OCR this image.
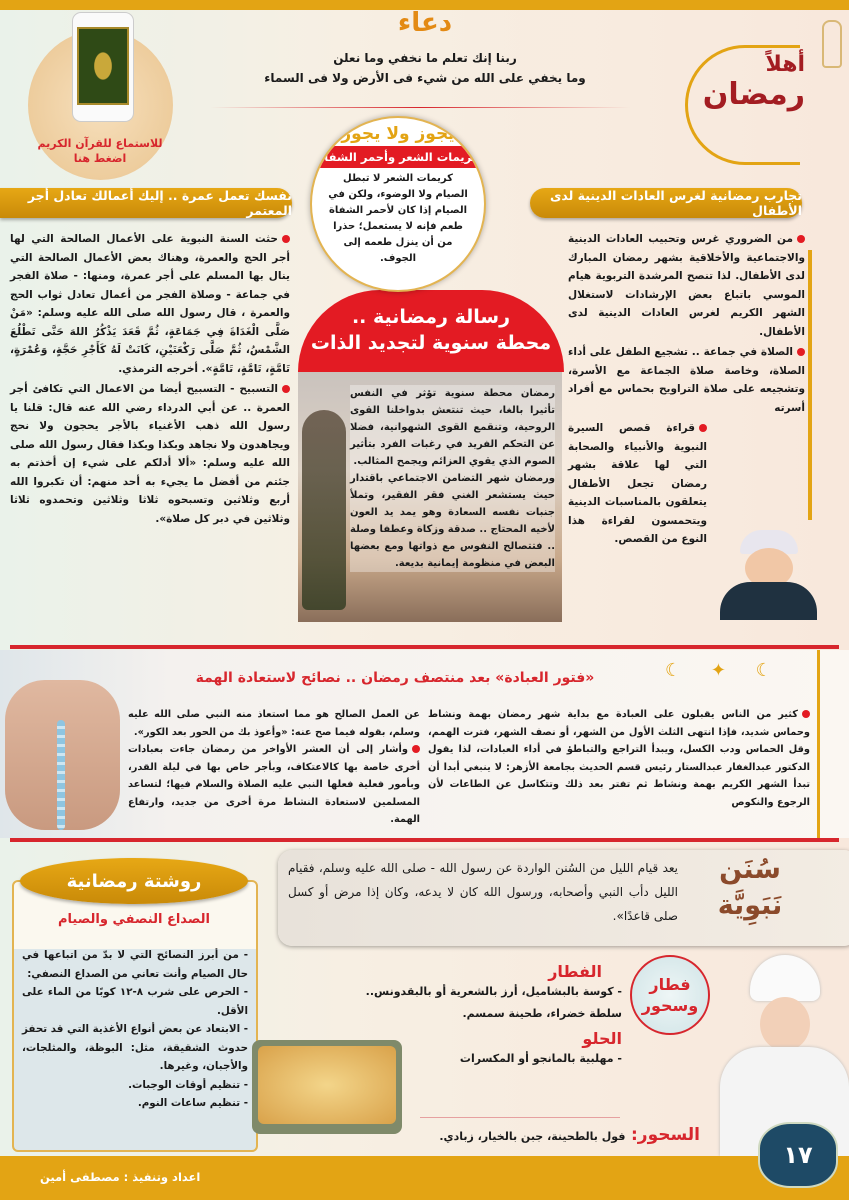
للاستماع للقرآن الكريم
اضغط هنا
دعاء
ربنا إنك تعلم ما نخفي وما نعلن
وما يخفي على الله من شيء فى الأرض ولا فى السماء
أهلاً
رمضان
نفسك تعمل عمرة .. إليك أعمالك تعادل أجر المعتمر
تجارب رمضانية لغرس العادات الدينية لدى الأطفال
رسالة رمضانية ..
محطة سنوية لتجديد الذات
يجوز ولا يجوز
كريمات الشعر وأحمر الشفاة
كريمات الشعر لا تبطل الصيام ولا الوضوء، ولكن في الصيام إذا كان لأحمر الشفاة طعم فإنه لا يستعمل؛ حذرا من أن ينزل طعمه إلى الجوف.

حثت السنة النبوية على الأعمال الصالحة التي لها أجر الحج والعمرة، وهناك بعض الأعمال الصالحة التي ينال بها المسلم على أجر عمرة، ومنها: - صلاة الفجر في جماعة - وصلاة الفجر من أعمال تعادل ثواب الحج والعمرة ، قال رسول الله صلى الله عليه وسلم: «مَنْ صَلَّى الْغَدَاةَ فِي جَمَاعَةٍ، ثُمَّ قَعَدَ يَذْكُرُ اللهَ حَتَّى تَطْلُعَ الشَّمْسُ، ثُمَّ صَلَّى رَكْعَتَيْنِ، كَانَتْ لَهُ كَأَجْرِ حَجَّةٍ، وَعُمْرَةٍ، تَامَّةٍ، تَامَّةٍ، تَامَّةٍ». أخرجه الترمذي.

التسبيح - التسبيح أيضا من الاعمال التي تكافئ أجر العمرة .. عن أبي الدرداء رضي الله عنه قال: قلنا يا رسول الله ذهب الأغنياء بالأجر يحجون ولا نحج ويجاهدون ولا نجاهد وبكذا وبكذا فقال رسول الله صلى الله عليه وسلم: «ألا أدلكم على شيء إن أخذتم به جئتم من أفضل ما يجيء به أحد منهم: أن تكبروا الله أربع وثلاثين وتسبحوه ثلاثا وثلاثين وتحمدوه ثلاثا وثلاثين في دبر كل صلاة».

من الضروري غرس وتحبيب العادات الدينية والاجتماعية والأخلاقية بشهر رمضان المبارك لدى الأطفال. لذا تنصح المرشدة التربوية هيام الموسي باتباع بعض الإرشادات لاستغلال الشهر الكريم لغرس العادات الدينية لدى الأطفال.

الصلاة في جماعة .. تشجيع الطفل على أداء الصلاة، وخاصة صلاة الجماعة مع الأسرة، وتشجيعه على صلاة التراويح بحماس مع أفراد أسرته

قراءة قصص السيرة النبوية والأنبياء والصحابة التي لها علاقة بشهر رمضان تجعل الأطفال يتعلقون بالمناسبات الدينية ويتحمسون لقراءة هذا النوع من القصص.

رمضان محطة سنوية تؤثر في النفس تأثيرا بالغا، حيث تنتعش بدواخلنا القوى الروحية، وتنقمع القوى الشهوانية، فضلا عن التحكم الفريد في رغبات الفرد بتأثير الصوم الذي يقوي العزائم ويجمح المثالب.

ورمضان شهر التضامن الاجتماعي باقتدار حيث يستشعر الغني فقر الفقير، وتملأ جنبات نفسه السعادة وهو يمد يد العون لأخيه المحتاج .. صدقة وزكاة وعطفا وصلة .. فتتصالح النفوس مع ذواتها ومع بعضها البعض في منظومة إيمانية بديعة.

☾ ✦ ☾
«فتور العبادة» بعد منتصف رمضان .. نصائح لاستعادة الهمة
كثير من الناس يقبلون على العبادة مع بداية شهر رمضان بهمة ونشاط وحماس شديد، فإذا انتهى الثلث الأول من الشهر، أو نصف الشهر، فترت الهمم، وقل الحماس ودب الكسل، ويبدأ التراجع والتباطؤ في أداء العبادات، لذا يقول الدكتور عبدالغفار عبدالستار رئيس قسم الحديث بجامعة الأزهر: لا ينبغي أبدا أن تبدأ الشهر الكريم بهمة ونشاط ثم تفتر بعد ذلك وتتكاسل عن الطاعات لأن الرجوع والنكوص

عن العمل الصالح هو مما استعاذ منه النبي صلى الله عليه وسلم، بقوله فيما صح عنه: «وأعوذ بك من الحور بعد الكور».

وأشار إلى أن العشر الأواخر من رمضان جاءت بعبادات أخرى خاصة بها كالاعتكاف، وبأجر خاص بها في ليلة القدر، وبأمور فعلية فعلها النبي عليه الصلاة والسلام فيها؛ لتساعد المسلمين لاستعادة النشاط مرة أخرى من جديد، وارتفاع الهمة.

يعد قيام الليل من السُنن الواردة عن رسول الله - صلى الله عليه وسلم، فقيام الليل دأب النبي وأصحابه، ورسول الله كان لا يدعه، وكان إذا مرض أو كسل صلى قاعدًا».
سُنَن
نَبَوِيَّة
روشتة رمضانية
الصداع النصفي والصيام

- من أبرز النصائح التي لا بدّ من اتباعها في حال الصيام وأنت تعاني من الصداع النصفي:

- الحرص على شرب ٨-١٢ كوبًا من الماء على الأقل.

- الابتعاد عن بعض أنواع الأغذية التي قد تحفز حدوث الشقيقة، مثل: البوظة، والمثلجات، والأجبان، وغيرها.

- تنظيم أوقات الوجبات.

- تنظيم ساعات النوم.

فطار
وسحور
الفطار
- كوسة بالبشاميل، أرز بالشعرية أو بالبقدونس..
سلطة خضراء، طحينة سمسم.
الحلو
- مهلبية بالمانجو أو المكسرات
السحور: فول بالطحينة، جبن بالخيار، زبادي.
اعداد وتنفيذ : مصطفى أمين
١٧
